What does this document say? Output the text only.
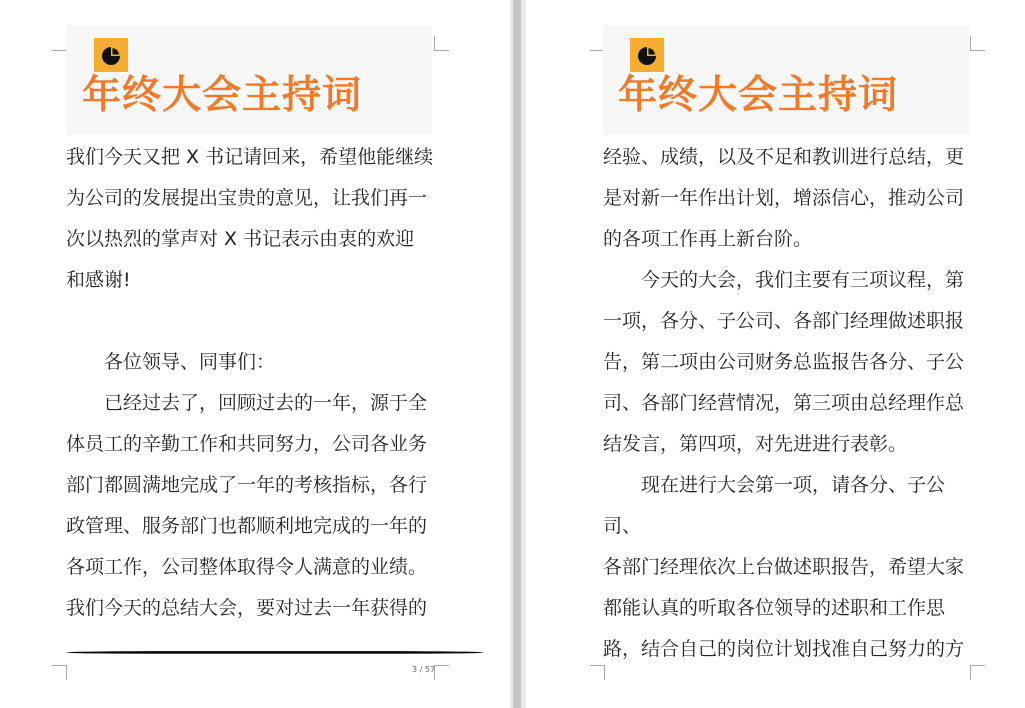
年终大会主持词

我们今天又把 X 书记请回来，希望他能继续

为公司的发展提出宝贵的意见，让我们再一

次以热烈的掌声对 X 书记表示由衷的欢迎

和感谢!

各位领导、同事们：

已经过去了，回顾过去的一年，源于全

体员工的辛勤工作和共同努力，公司各业务

部门都圆满地完成了一年的考核指标，各行

政管理、服务部门也都顺利地完成的一年的

各项工作，公司整体取得令人满意的业绩。

我们今天的总结大会，要对过去一年获得的

3 / 57
年终大会主持词

经验、成绩，以及不足和教训进行总结，更

是对新一年作出计划，增添信心，推动公司

的各项工作再上新台阶。

今天的大会，我们主要有三项议程，第

一项，各分、子公司、各部门经理做述职报

告，第二项由公司财务总监报告各分、子公

司、各部门经营情况，第三项由总经理作总

结发言，第四项，对先进进行表彰。

现在进行大会第一项，请各分、子公司、

各部门经理依次上台做述职报告，希望大家

都能认真的听取各位领导的述职和工作思

路，结合自己的岗位计划找准自己努力的方
